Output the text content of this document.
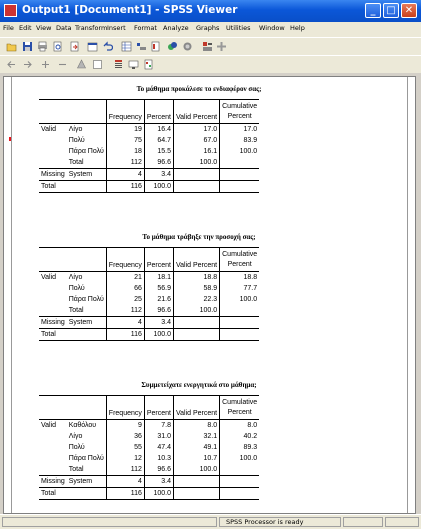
Output1 [Document1] - SPSS Viewer	_	□ ✕
File Edit View Data Transform Insert Format Analyze Graphs Utilities Window Help
Το μάθημα προκάλεσε το ενδιαφέρον σας;
		Frequency	Percent	Valid Percent	Cumulative
Percent
Valid	Λίγο	19	16.4	17.0	17.0
	Πολύ	75	64.7	67.0	83.9
	Πάρα Πολύ	18	15.5	16.1	100.0
	Total	112	96.6	100.0	
Missing	System	4	3.4		
Total		116	100.0		
Το μάθημα τράβηξε την προσοχή σας;
		Frequency	Percent	Valid Percent	Cumulative
Percent
Valid	Λίγο	21	18.1	18.8	18.8
	Πολύ	66	56.9	58.9	77.7
	Πάρα Πολύ	25	21.6	22.3	100.0
	Total	112	96.6	100.0	
Missing	System	4	3.4		
Total		116	100.0		
Συμμετείχατε ενεργητικά στο μάθημα;
		Frequency	Percent	Valid Percent	Cumulative
Percent
Valid	Καθόλου	9	7.8	8.0	8.0
	Λίγο	36	31.0	32.1	40.2
	Πολύ	55	47.4	49.1	89.3
	Πάρα Πολύ	12	10.3	10.7	100.0
	Total	112	96.6	100.0	
Missing	System	4	3.4		
Total		116	100.0		
SPSS Processor is ready
